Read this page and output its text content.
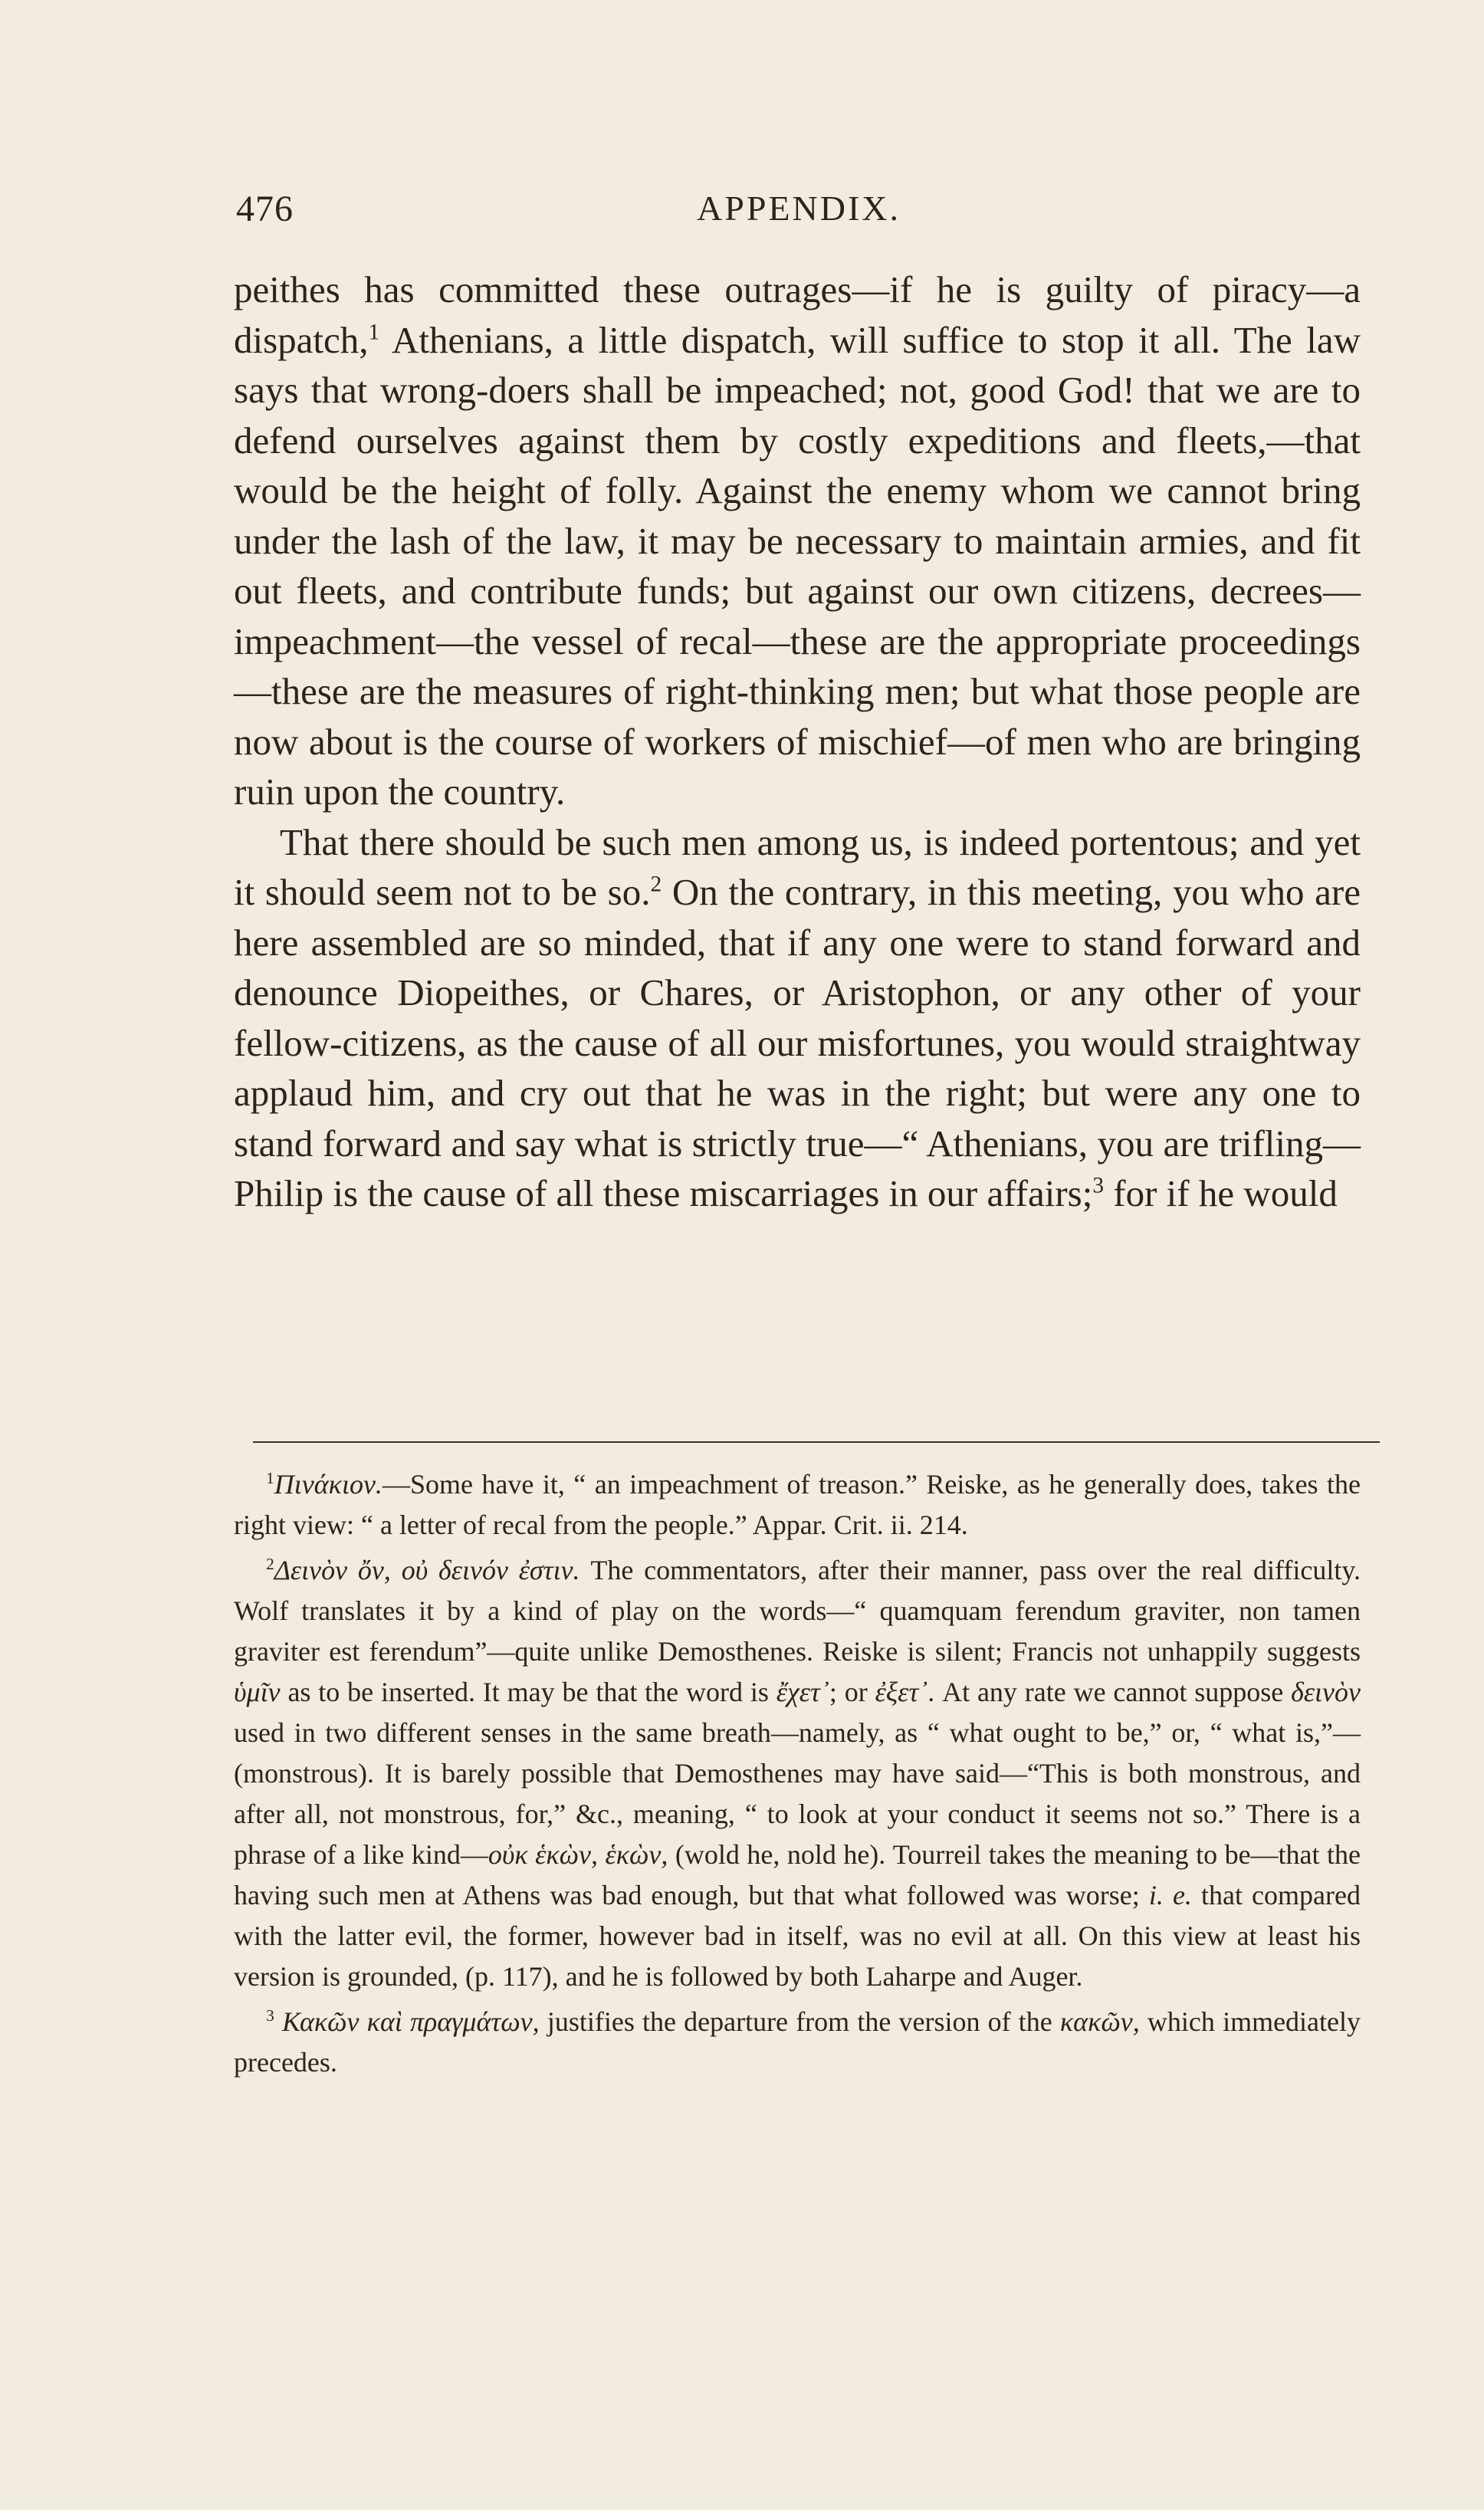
476	APPENDIX.

peithes has committed these outrages—if he is guilty of piracy—a dispatch,$^1$ Athenians, a little dispatch, will suffice to stop it all. The law says that wrong-doers shall be impeached; not, good God! that we are to defend ourselves against them by costly expeditions and fleets,—that would be the height of folly. Against the enemy whom we cannot bring under the lash of the law, it may be necessary to maintain armies, and fit out fleets, and contribute funds; but against our own citizens, decrees—impeachment—the vessel of recal—these are the appropriate proceedings—these are the measures of right-thinking men; but what those people are now about is the course of workers of mischief—of men who are bringing ruin upon the country.

That there should be such men among us, is indeed portentous; and yet it should seem not to be so.$^2$ On the contrary, in this meeting, you who are here assembled are so minded, that if any one were to stand forward and denounce Diopeithes, or Chares, or Aristophon, or any other of your fellow-citizens, as the cause of all our misfortunes, you would straightway applaud him, and cry out that he was in the right; but were any one to stand forward and say what is strictly true—“ Athenians, you are trifling—Philip is the cause of all these miscarriages in our affairs;$^3$ for if he would

$^1$Πινάκιον.—Some have it, “ an impeachment of treason.” Reiske, as he generally does, takes the right view: “ a letter of recal from the people.” Appar. Crit. ii. 214.

$^2$Δεινὸν ὄν, οὐ δεινόν ἐστιν. The commentators, after their manner, pass over the real difficulty. Wolf translates it by a kind of play on the words—“ quamquam ferendum graviter, non tamen graviter est ferendum”—quite unlike Demosthenes. Reiske is silent; Francis not unhappily suggests ὑμῖν as to be inserted. It may be that the word is ἔχετ᾽; or ἐξετ᾽. At any rate we cannot suppose δεινὸν used in two different senses in the same breath—namely, as “ what ought to be,” or, “ what is,”—(monstrous). It is barely possible that Demosthenes may have said—“This is both monstrous, and after all, not monstrous, for,” &c., meaning, “ to look at your conduct it seems not so.” There is a phrase of a like kind—οὐκ ἑκὼν, ἑκὼν, (wold he, nold he). Tourreil takes the meaning to be—that the having such men at Athens was bad enough, but that what followed was worse; i. e. that compared with the latter evil, the former, however bad in itself, was no evil at all. On this view at least his version is grounded, (p. 117), and he is followed by both Laharpe and Auger.

$^3$ Κακῶν καὶ πραγμάτων, justifies the departure from the version of the κακῶν, which immediately precedes.
